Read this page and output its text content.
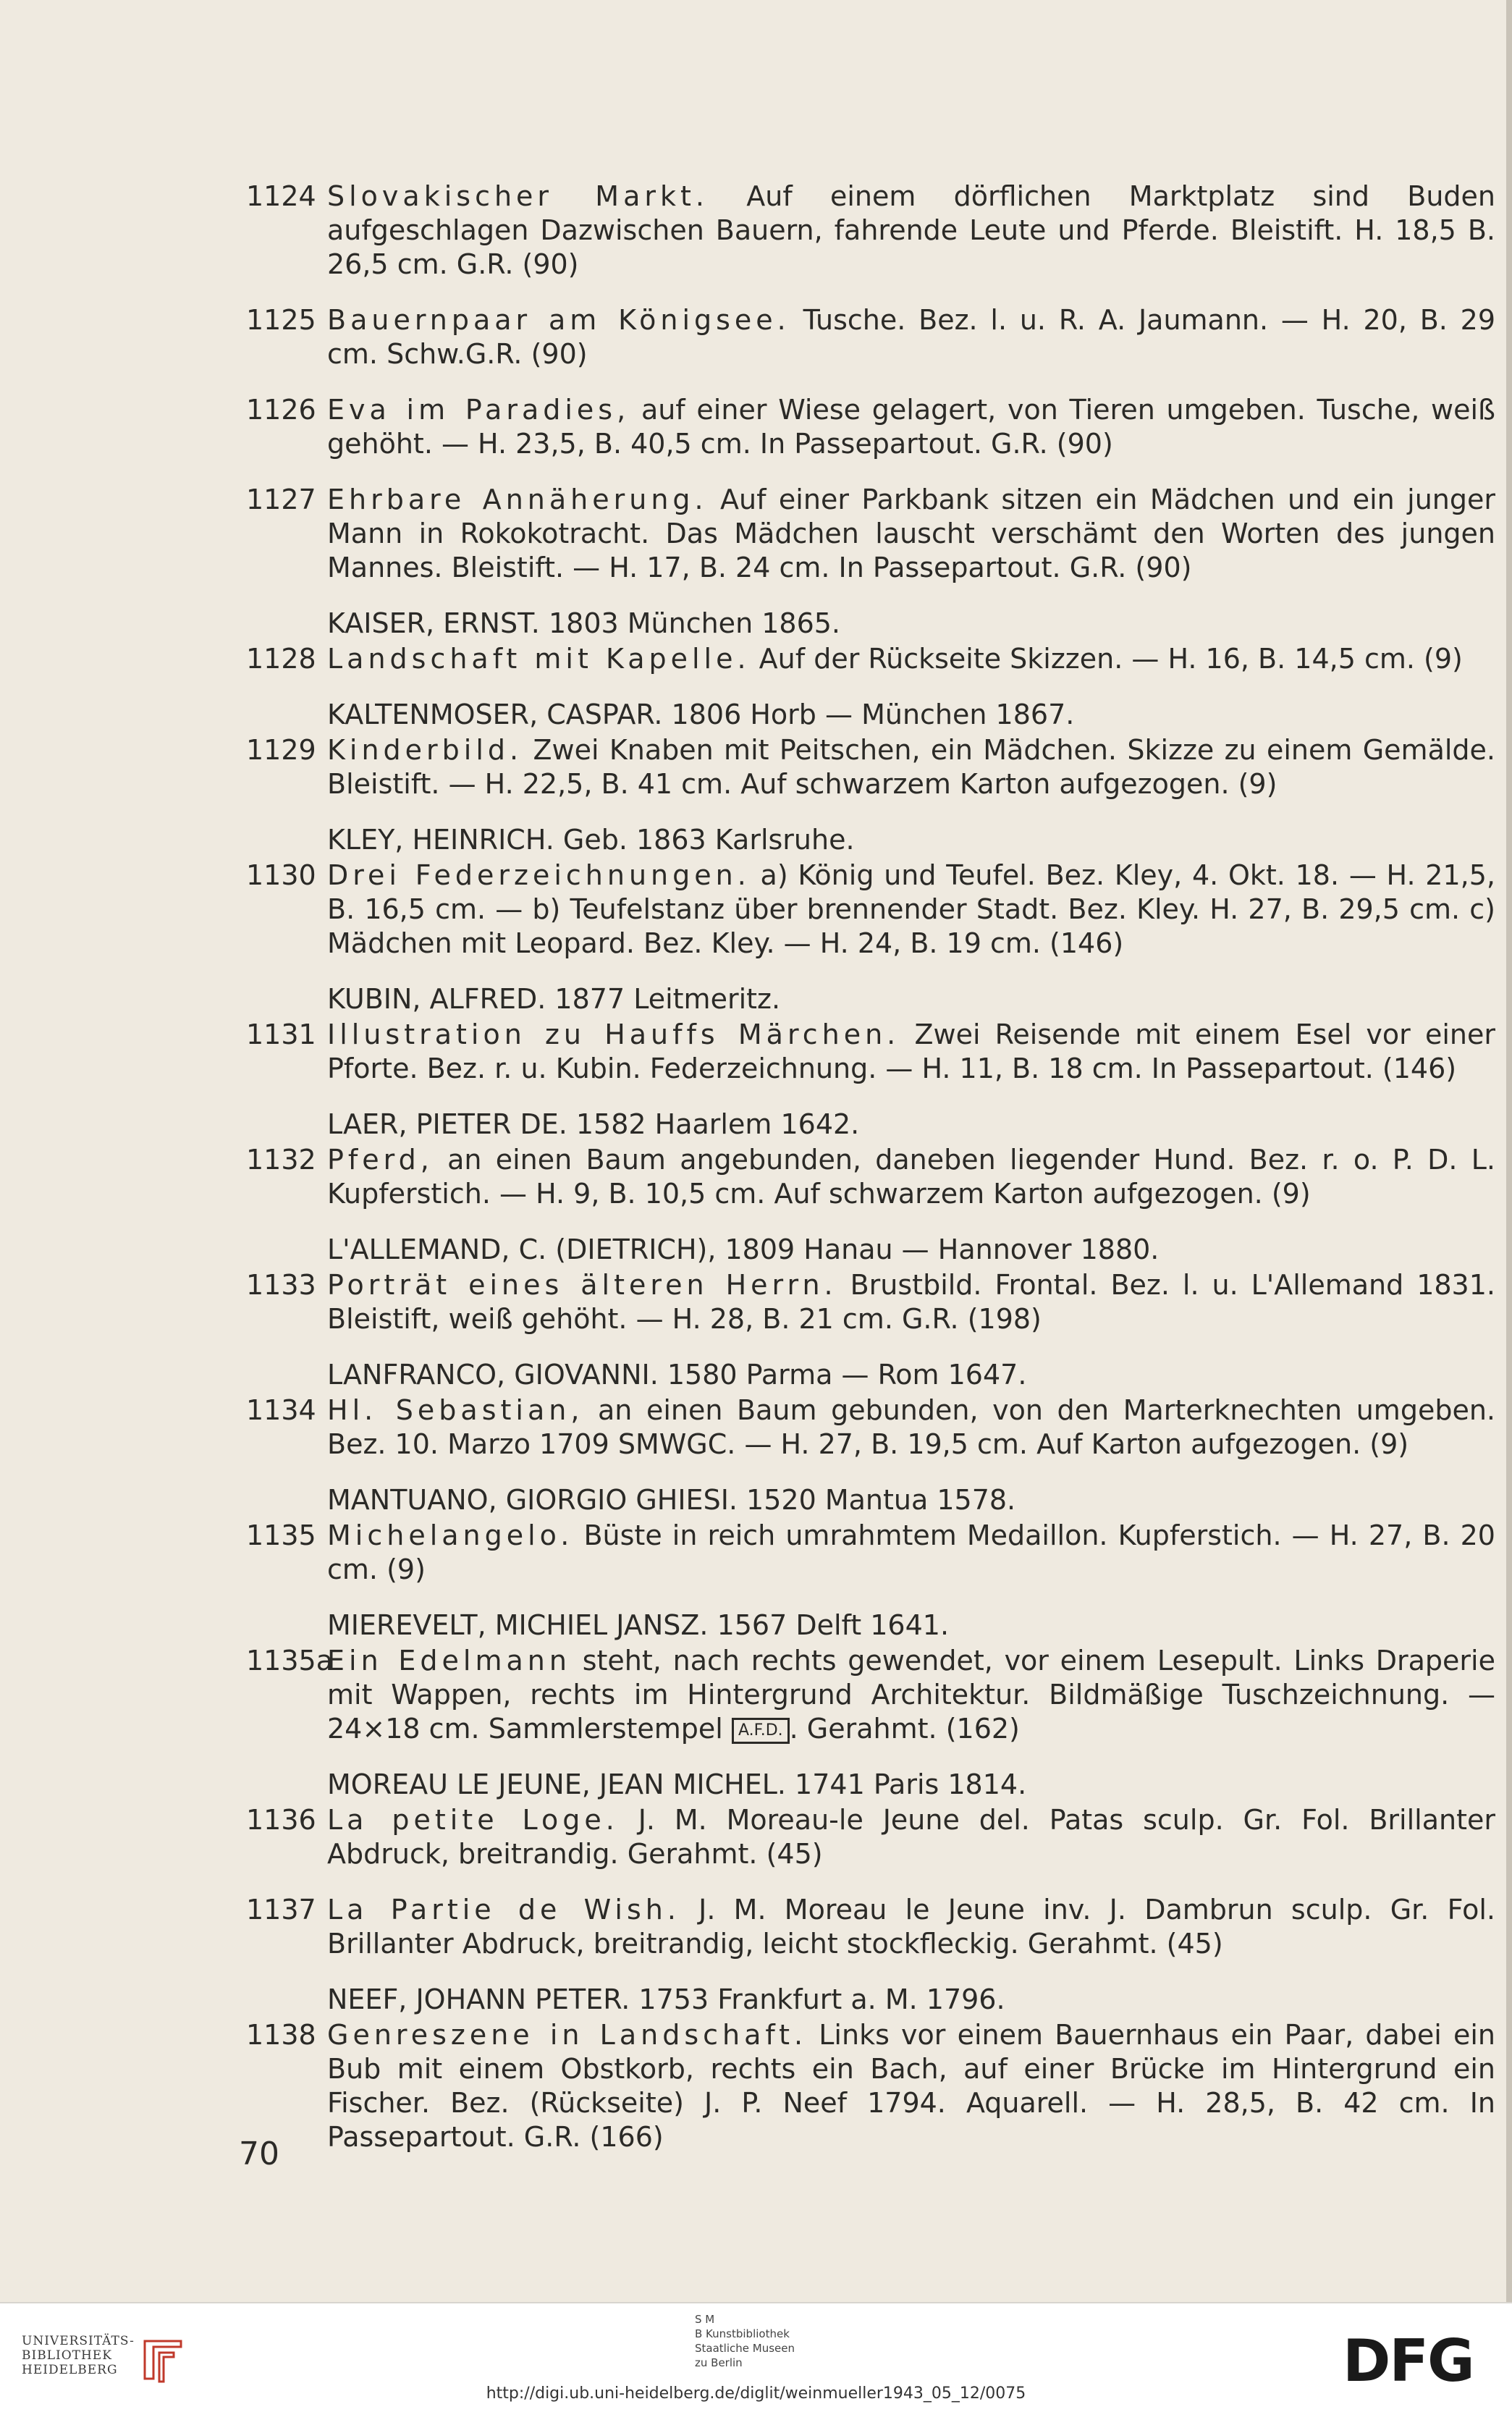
1124 Slovakischer Markt. Auf einem dörflichen Marktplatz sind Buden aufgeschlagen Dazwischen Bauern, fahrende Leute und Pferde. Bleistift. H. 18,5 B. 26,5 cm. G.R. (90)
1125 Bauernpaar am Königsee. Tusche. Bez. l. u. R. A. Jaumann. — H. 20, B. 29 cm. Schw.G.R. (90)
1126 Eva im Paradies, auf einer Wiese gelagert, von Tieren umgeben. Tusche, weiß gehöht. — H. 23,5, B. 40,5 cm. In Passepartout. G.R. (90)
1127 Ehrbare Annäherung. Auf einer Parkbank sitzen ein Mädchen und ein junger Mann in Rokokotracht. Das Mädchen lauscht verschämt den Worten des jungen Mannes. Bleistift. — H. 17, B. 24 cm. In Passepartout. G.R. (90)
KAISER, ERNST. 1803 München 1865.
1128 Landschaft mit Kapelle. Auf der Rückseite Skizzen. — H. 16, B. 14,5 cm. (9)
KALTENMOSER, CASPAR. 1806 Horb — München 1867.
1129 Kinderbild. Zwei Knaben mit Peitschen, ein Mädchen. Skizze zu einem Gemälde. Bleistift. — H. 22,5, B. 41 cm. Auf schwarzem Karton aufgezogen. (9)
KLEY, HEINRICH. Geb. 1863 Karlsruhe.
1130 Drei Federzeichnungen. a) König und Teufel. Bez. Kley, 4. Okt. 18. — H. 21,5, B. 16,5 cm. — b) Teufelstanz über brennender Stadt. Bez. Kley. H. 27, B. 29,5 cm. c) Mädchen mit Leopard. Bez. Kley. — H. 24, B. 19 cm. (146)
KUBIN, ALFRED. 1877 Leitmeritz.
1131 Illustration zu Hauffs Märchen. Zwei Reisende mit einem Esel vor einer Pforte. Bez. r. u. Kubin. Federzeichnung. — H. 11, B. 18 cm. In Passepartout. (146)
LAER, PIETER DE. 1582 Haarlem 1642.
1132 Pferd, an einen Baum angebunden, daneben liegender Hund. Bez. r. o. P. D. L. Kupferstich. — H. 9, B. 10,5 cm. Auf schwarzem Karton aufgezogen. (9)
L'ALLEMAND, C. (DIETRICH), 1809 Hanau — Hannover 1880.
1133 Porträt eines älteren Herrn. Brustbild. Frontal. Bez. l. u. L'Allemand 1831. Bleistift, weiß gehöht. — H. 28, B. 21 cm. G.R. (198)
LANFRANCO, GIOVANNI. 1580 Parma — Rom 1647.
1134 Hl. Sebastian, an einen Baum gebunden, von den Marterknechten umgeben. Bez. 10. Marzo 1709 SMWGC. — H. 27, B. 19,5 cm. Auf Karton aufgezogen. (9)
MANTUANO, GIORGIO GHIESI. 1520 Mantua 1578.
1135 Michelangelo. Büste in reich umrahmtem Medaillon. Kupferstich. — H. 27, B. 20 cm. (9)
MIEREVELT, MICHIEL JANSZ. 1567 Delft 1641.
1135a
Ein Edelmann steht, nach rechts gewendet, vor einem Lesepult. Links Draperie mit Wappen, rechts im Hintergrund Architektur. Bildmäßige Tuschzeichnung. — 24×18 cm. Sammlerstempel A.F.D. . Gerahmt. (162)
MOREAU LE JEUNE, JEAN MICHEL. 1741 Paris 1814.
1136 La petite Loge. J. M. Moreau-le Jeune del. Patas sculp. Gr. Fol. Brillanter Abdruck, breitrandig. Gerahmt. (45)
1137 La Partie de Wish. J. M. Moreau le Jeune inv. J. Dambrun sculp. Gr. Fol. Brillanter Abdruck, breitrandig, leicht stockfleckig. Gerahmt. (45)
NEEF, JOHANN PETER. 1753 Frankfurt a. M. 1796.
1138 Genreszene in Landschaft. Links vor einem Bauernhaus ein Paar, dabei ein Bub mit einem Obstkorb, rechts ein Bach, auf einer Brücke im Hintergrund ein Fischer. Bez. (Rückseite) J. P. Neef 1794. Aquarell. — H. 28,5, B. 42 cm. In Passepartout. G.R. (166)
70
UNIVERSITÄTS-
BIBLIOTHEK
HEIDELBERG
S M
B Kunstbibliothek
Staatliche Museen
zu Berlin	DFG
http://digi.ub.uni-heidelberg.de/diglit/weinmueller1943_05_12/0075
